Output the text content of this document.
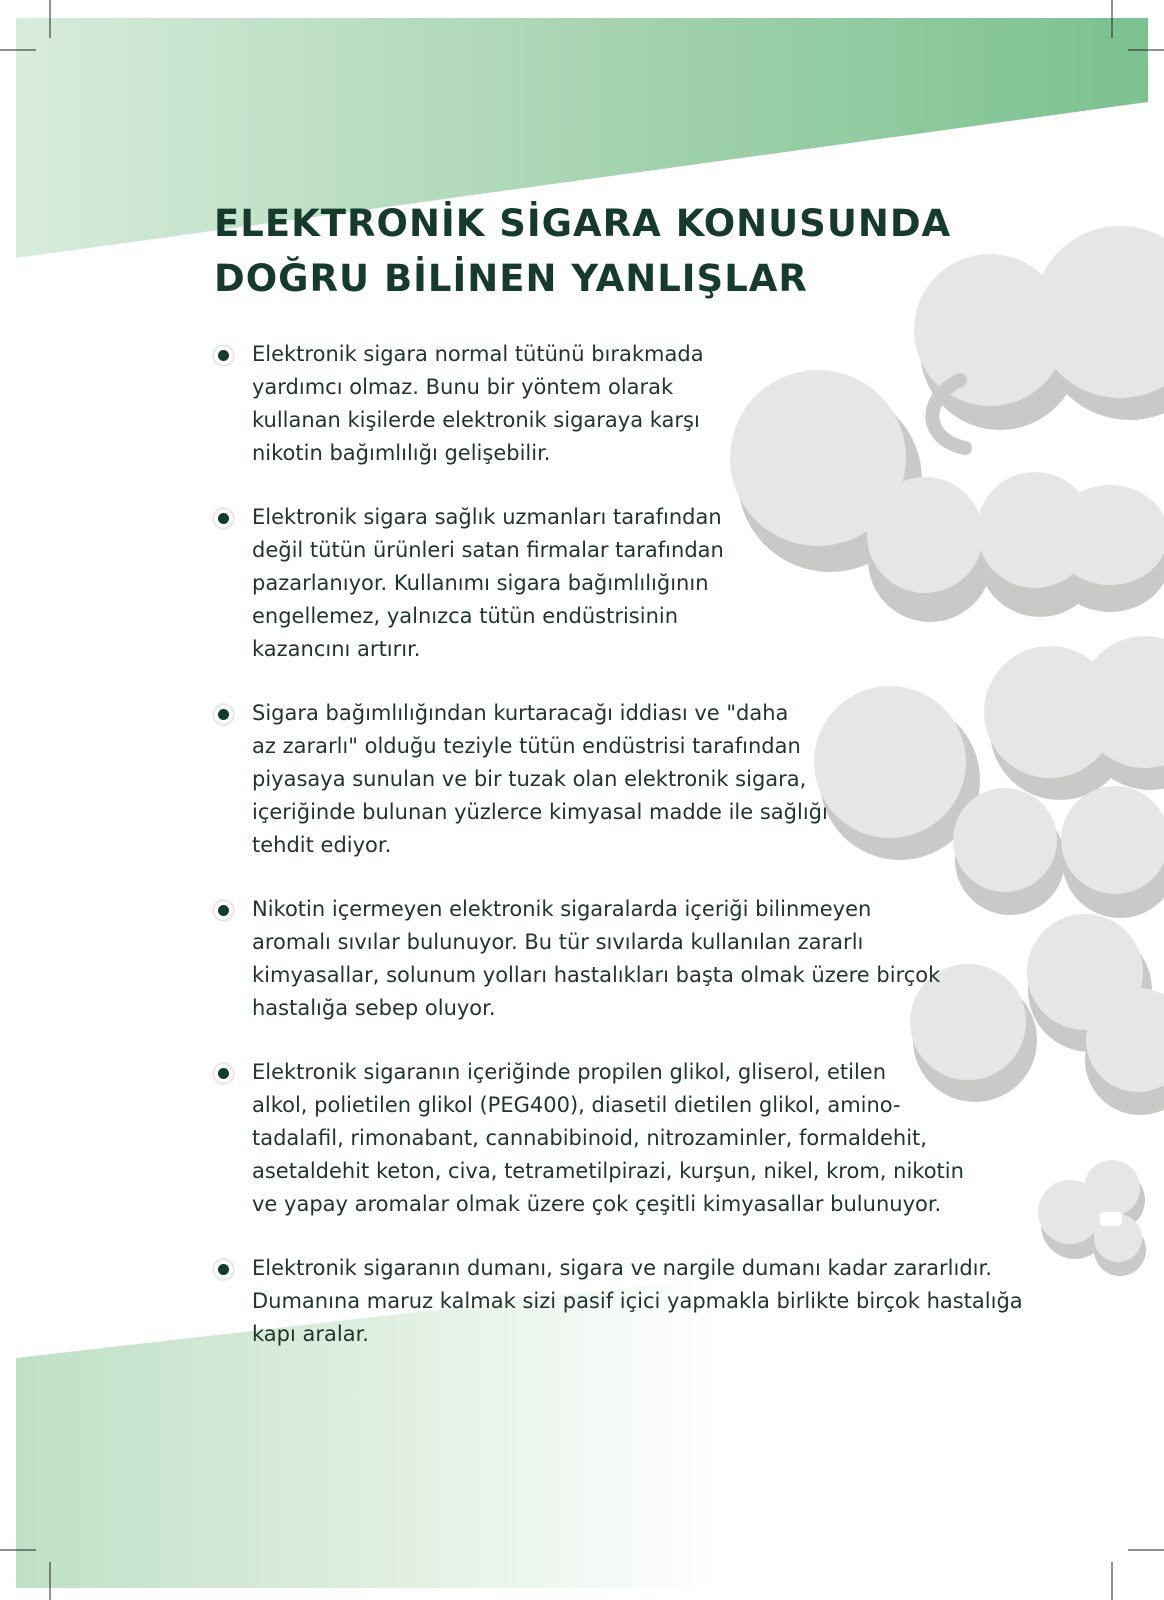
ELEKTRONİK SİGARA KONUSUNDA
DOĞRU BİLİNEN YANLIŞLAR
Elektronik sigara normal tütünü bırakmada
yardımcı olmaz. Bunu bir yöntem olarak
kullanan kişilerde elektronik sigaraya karşı
nikotin bağımlılığı gelişebilir.
Elektronik sigara sağlık uzmanları tarafından
değil tütün ürünleri satan firmalar tarafından
pazarlanıyor. Kullanımı sigara bağımlılığının
engellemez, yalnızca tütün endüstrisinin
kazancını artırır.
Sigara bağımlılığından kurtaracağı iddiası ve "daha
az zararlı" olduğu teziyle tütün endüstrisi tarafından
piyasaya sunulan ve bir tuzak olan elektronik sigara,
içeriğinde bulunan yüzlerce kimyasal madde ile sağlığı
tehdit ediyor.
Nikotin içermeyen elektronik sigaralarda içeriği bilinmeyen
aromalı sıvılar bulunuyor. Bu tür sıvılarda kullanılan zararlı
kimyasallar, solunum yolları hastalıkları başta olmak üzere birçok
hastalığa sebep oluyor.
Elektronik sigaranın içeriğinde propilen glikol, gliserol, etilen
alkol, polietilen glikol (PEG400), diasetil dietilen glikol, amino-
tadalafil, rimonabant, cannabibinoid, nitrozaminler, formaldehit,
asetaldehit keton, civa, tetrametilpirazi, kurşun, nikel, krom, nikotin
ve yapay aromalar olmak üzere çok çeşitli kimyasallar bulunuyor.
Elektronik sigaranın dumanı, sigara ve nargile dumanı kadar zararlıdır.
Dumanına maruz kalmak sizi pasif içici yapmakla birlikte birçok hastalığa
kapı aralar.
